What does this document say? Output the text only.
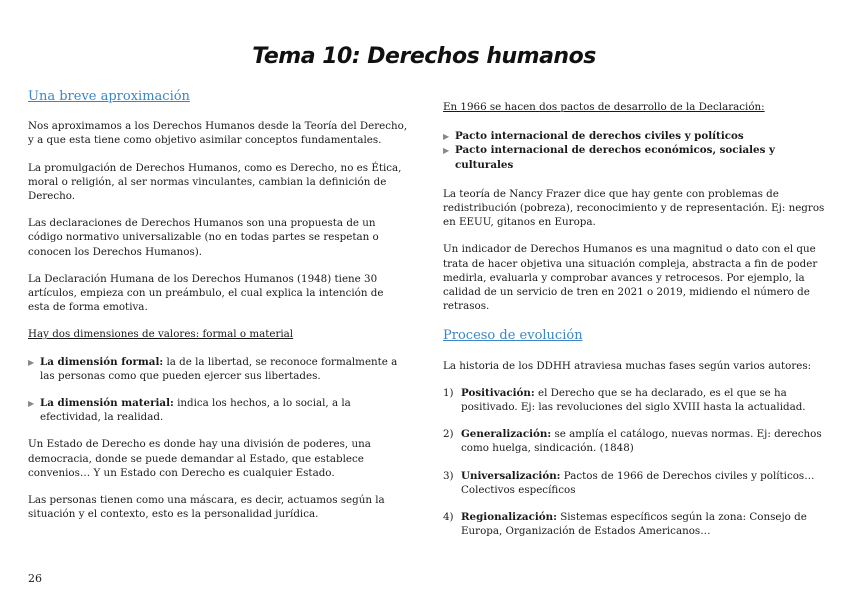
Tema 10: Derechos humanos
Una breve aproximación

Nos aproximamos a los Derechos Humanos desde la Teoría del Derecho, y a que esta tiene como objetivo asimilar conceptos fundamentales.

La promulgación de Derechos Humanos, como es Derecho, no es Ética, moral o religión, al ser normas vinculantes, cambian la definición de Derecho.

Las declaraciones de Derechos Humanos son una propuesta de un código normativo universalizable (no en todas partes se respetan o conocen los Derechos Humanos).

La Declaración Humana de los Derechos Humanos (1948) tiene 30 artículos, empieza con un preámbulo, el cual explica la intención de esta de forma emotiva.

Hay dos dimensiones de valores: formal o material

▶ La dimensión formal: la de la libertad, se reconoce formalmente a las personas como que pueden ejercer sus libertades.
▶ La dimensión material: indica los hechos, a lo social, a la efectividad, la realidad.

Un Estado de Derecho es donde hay una división de poderes, una democracia, donde se puede demandar al Estado, que establece convenios… Y un Estado con Derecho es cualquier Estado.

Las personas tienen como una máscara, es decir, actuamos según la situación y el contexto, esto es la personalidad jurídica.

En 1966 se hacen dos pactos de desarrollo de la Declaración:

▶ Pacto internacional de derechos civiles y políticos
▶ Pacto internacional de derechos económicos, sociales y culturales

La teoría de Nancy Frazer dice que hay gente con problemas de redistribución (pobreza), reconocimiento y de representación. Ej: negros en EEUU, gitanos en Europa.

Un indicador de Derechos Humanos es una magnitud o dato con el que trata de hacer objetiva una situación compleja, abstracta a fin de poder medirla, evaluarla y comprobar avances y retrocesos. Por ejemplo, la calidad de un servicio de tren en 2021 o 2019, midiendo el número de retrasos.

Proceso de evolución

La historia de los DDHH atraviesa muchas fases según varios autores:

1) Positivación: el Derecho que se ha declarado, es el que se ha positivado. Ej: las revoluciones del siglo XVIII hasta la actualidad.
2) Generalización: se amplía el catálogo, nuevas normas. Ej: derechos como huelga, sindicación. (1848)
3) Universalización: Pactos de 1966 de Derechos civiles y políticos… Colectivos específicos
4) Regionalización: Sistemas específicos según la zona: Consejo de Europa, Organización de Estados Americanos…
26
